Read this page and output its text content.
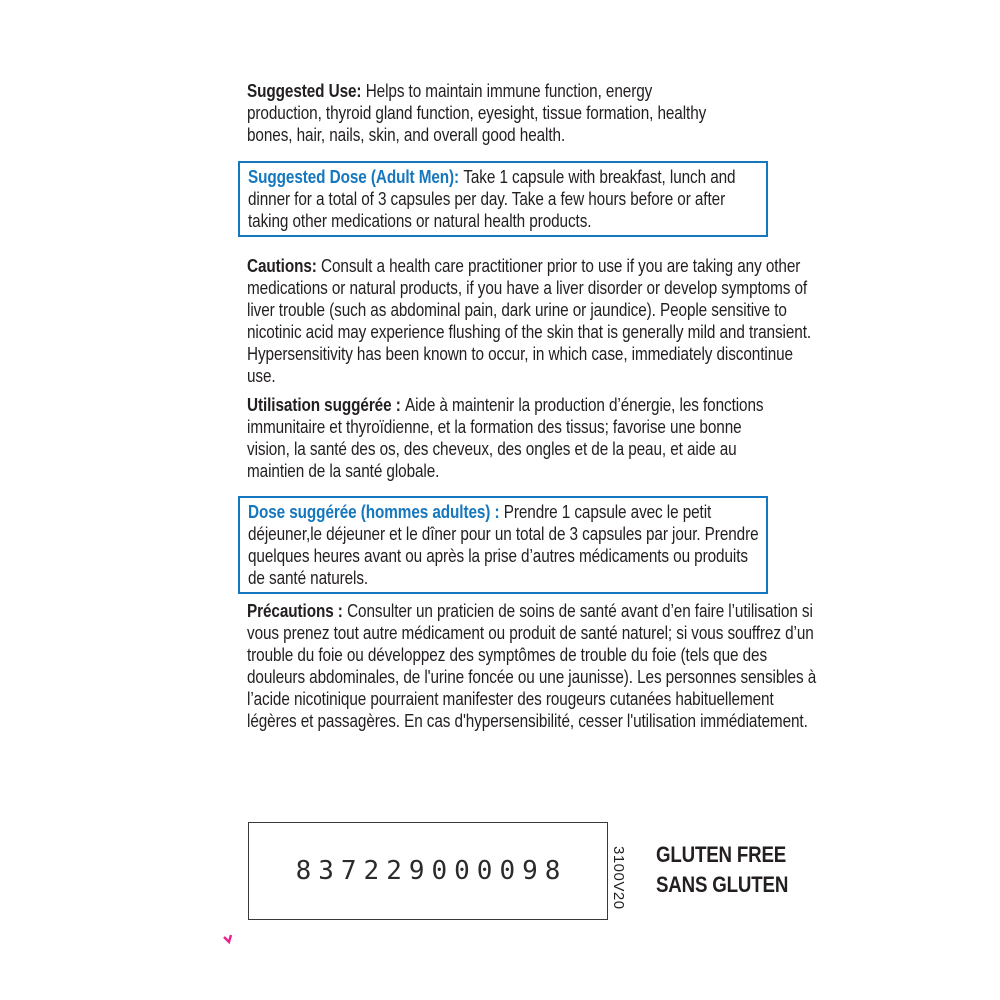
Suggested Use: Helps to maintain immune function, energy production, thyroid gland function, eyesight, tissue formation, healthy bones, hair, nails, skin, and overall good health.
Suggested Dose (Adult Men): Take 1 capsule with breakfast, lunch and dinner for a total of 3 capsules per day. Take a few hours before or after taking other medications or natural health products.
Cautions: Consult a health care practitioner prior to use if you are taking any other medications or natural products, if you have a liver disorder or develop symptoms of liver trouble (such as abdominal pain, dark urine or jaundice). People sensitive to nicotinic acid may experience flushing of the skin that is generally mild and transient. Hypersensitivity has been known to occur, in which case, immediately discontinue use.
Utilisation suggérée : Aide à maintenir la production d’énergie, les fonctions immunitaire et thyroïdienne, et la formation des tissus; favorise une bonne vision, la santé des os, des cheveux, des ongles et de la peau, et aide au maintien de la santé globale.
Dose suggérée (hommes adultes) : Prendre 1 capsule avec le petit déjeuner,le déjeuner et le dîner pour un total de 3 capsules par jour. Prendre quelques heures avant ou après la prise d’autres médicaments ou produits de santé naturels.
Précautions : Consulter un praticien de soins de santé avant d’en faire l’utilisation si vous prenez tout autre médicament ou produit de santé naturel; si vous souffrez d’un trouble du foie ou développez des symptômes de trouble du foie (tels que des douleurs abdominales, de l'urine foncée ou une jaunisse). Les personnes sensibles à l’acide nicotinique pourraient manifester des rougeurs cutanées habituellement légères et passagères. En cas d'hypersensibilité, cesser l'utilisation immédiatement.
837229000098	3100V20 GLUTEN FREE
SANS GLUTEN
